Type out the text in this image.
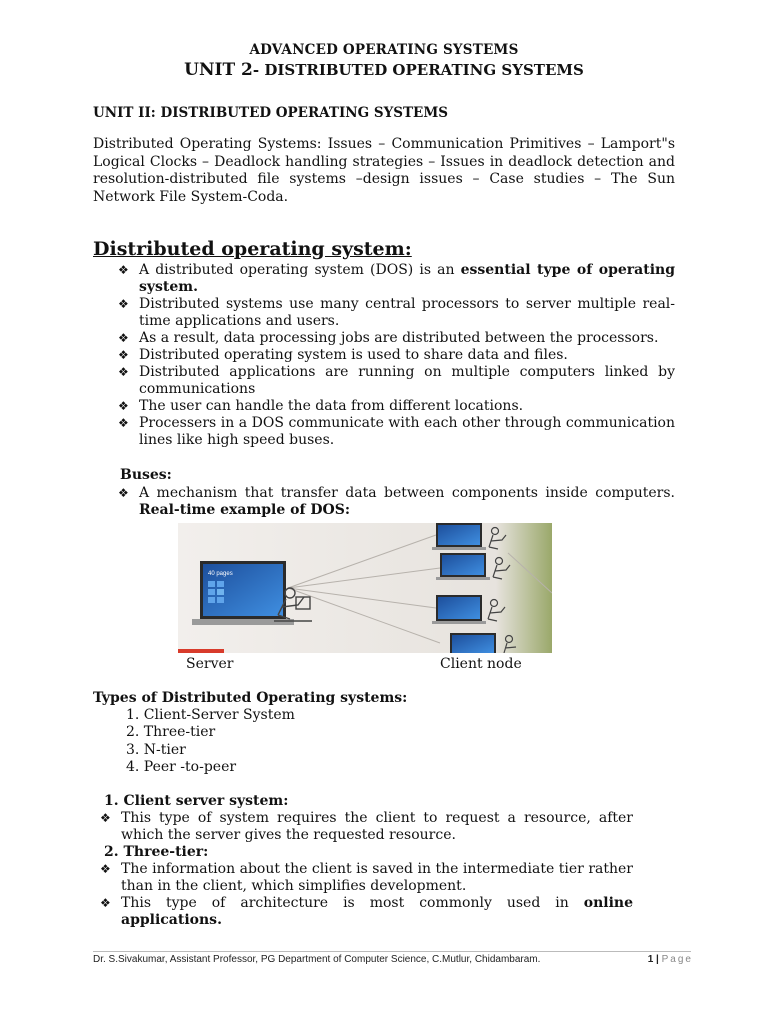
ADVANCED OPERATING SYSTEMS
UNIT 2- DISTRIBUTED OPERATING SYSTEMS
UNIT II: DISTRIBUTED OPERATING SYSTEMS
Distributed Operating Systems: Issues – Communication Primitives – Lamport"s Logical Clocks – Deadlock handling strategies – Issues in deadlock detection and resolution-distributed file systems –design issues – Case studies – The Sun Network File System-Coda.
Distributed operating system:
❖ A distributed operating system (DOS) is an essential type of operating system.
❖ Distributed systems use many central processors to server multiple real-time applications and users.
❖ As a result, data processing jobs are distributed between the processors.
❖ Distributed operating system is used to share data and files.
❖ Distributed applications are running on multiple computers linked by communications
❖ The user can handle the data from different locations.
❖ Processers in a DOS communicate with each other through communication lines like high speed buses.
Buses:
❖ A mechanism that transfer data between components inside computers. Real-time example of DOS:
40 pages
Server	Client node
Types of Distributed Operating systems:
1. Client-Server System
2. Three-tier
3. N-tier
4. Peer -to-peer
1. Client server system:
❖ This type of system requires the client to request a resource, after which the server gives the requested resource.
2. Three-tier:
❖ The information about the client is saved in the intermediate tier rather than in the client, which simplifies development.
❖ This type of architecture is most commonly used in online applications.
Dr. S.Sivakumar, Assistant Professor, PG Department of Computer Science, C.Mutlur, Chidambaram.	1 | Page
